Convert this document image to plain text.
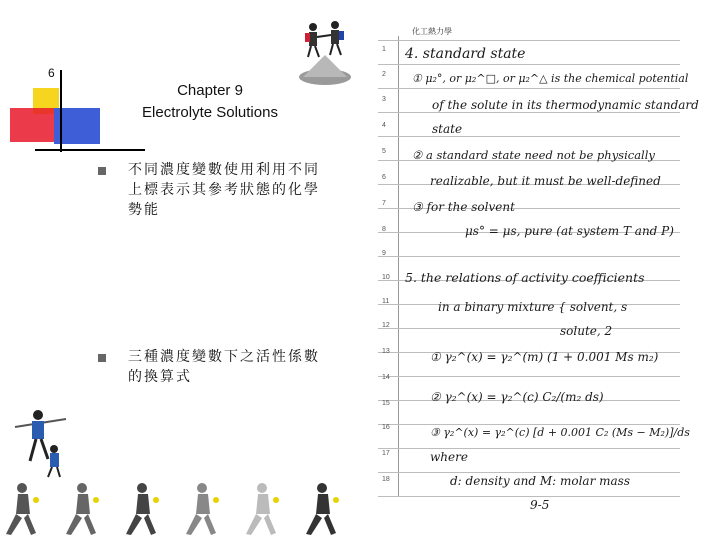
6
Chapter 9
Electrolyte Solutions
不同濃度變數使用利用不同上標表示其參考狀態的化學勢能
三種濃度變數下之活性係數的換算式
化工熱力學
1
2
3
4
5
6
7
8
9
10
11
12
13
14
15
16
17
18
4. standard state
① μ₂°, or μ₂^□, or μ₂^△ is the chemical potential
of the solute in its thermodynamic standard
state
② a standard state need not be physically
realizable, but it must be well-defined
③ for the solvent
μs° = μs, pure (at system T and P)
5. the relations of activity coefficients
in a binary mixture { solvent, s
solute, 2
① γ₂^(x) = γ₂^(m) (1 + 0.001 Ms m₂)
② γ₂^(x) = γ₂^(c) C₂/(m₂ ds)
③ γ₂^(x) = γ₂^(c) [d + 0.001 C₂ (Ms − M₂)]/ds
where
d: density and M: molar mass
9-5
